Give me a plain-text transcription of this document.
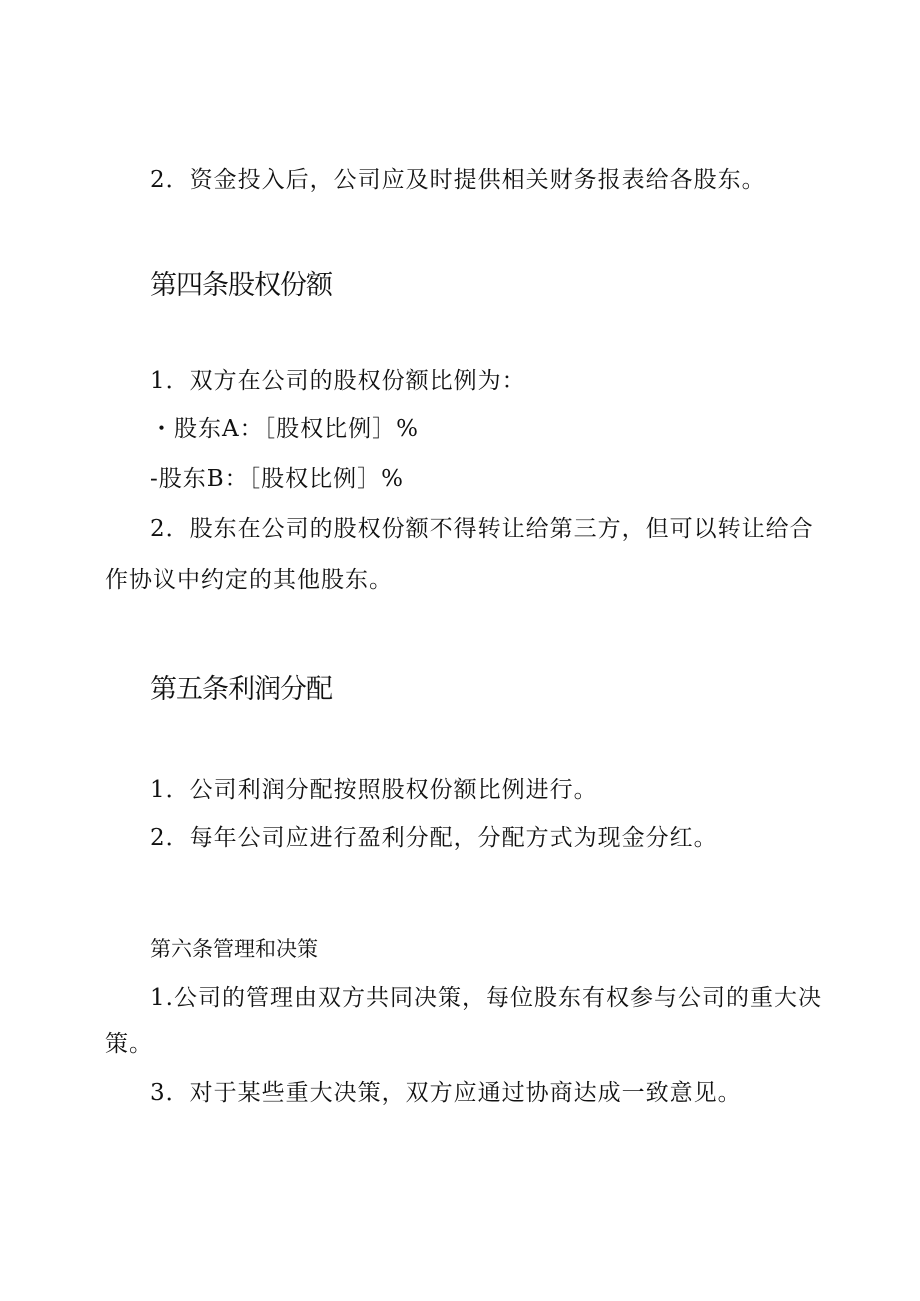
2．资金投入后，公司应及时提供相关财务报表给各股东。
第四条股权份额
1．双方在公司的股权份额比例为：
・股东A：［股权比例］%
-股东B：［股权比例］%
2．股东在公司的股权份额不得转让给第三方，但可以转让给合
作协议中约定的其他股东。
第五条利润分配
1．公司利润分配按照股权份额比例进行。
2．每年公司应进行盈利分配，分配方式为现金分红。
第六条管理和决策
1.公司的管理由双方共同决策，每位股东有权参与公司的重大决
策。
3．对于某些重大决策，双方应通过协商达成一致意见。
